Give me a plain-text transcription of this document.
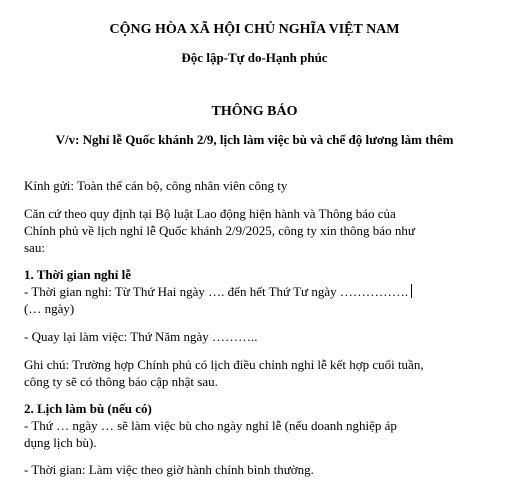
CỘNG HÒA XÃ HỘI CHỦ NGHĨA VIỆT NAM
Độc lập-Tự do-Hạnh phúc
THÔNG BÁO
V/v: Nghỉ lễ Quốc khánh 2/9, lịch làm việc bù và chế độ lương làm thêm
Kính gửi: Toàn thể cán bộ, công nhân viên công ty
Căn cứ theo quy định tại Bộ luật Lao động hiện hành và Thông báo của
Chính phủ về lịch nghỉ lễ Quốc khánh 2/9/2025, công ty xin thông báo như
sau:
1. Thời gian nghỉ lễ
- Thời gian nghỉ: Từ Thứ Hai ngày …. đến hết Thứ Tư ngày …………….
(… ngày)
- Quay lại làm việc: Thứ Năm ngày ………..
Ghi chú: Trường hợp Chính phủ có lịch điều chỉnh nghỉ lễ kết hợp cuối tuần,
công ty sẽ có thông báo cập nhật sau.
2. Lịch làm bù (nếu có)
- Thứ … ngày … sẽ làm việc bù cho ngày nghỉ lễ (nếu doanh nghiệp áp
dụng lịch bù).
- Thời gian: Làm việc theo giờ hành chính bình thường.
